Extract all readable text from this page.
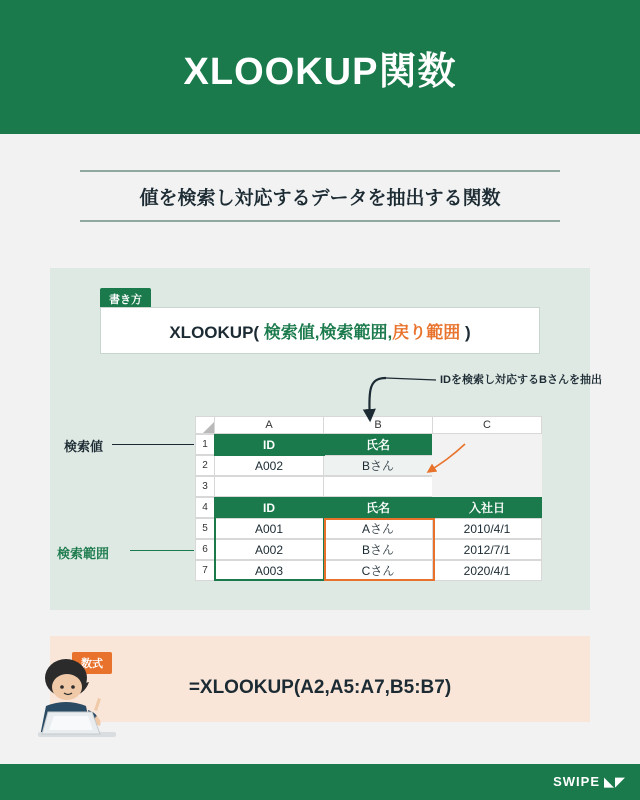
XLOOKUP関数
値を検索し対応するデータを抽出する関数
書き方
XLOOKUP( 検索値,検索範囲,戻り範囲 )
IDを検索し対応するBさんを抽出
検索値
検索範囲
A	B	C
1	ID	氏名
2	A002	Bさん
3
4	ID	氏名	入社日
5	A001	Aさん	2010/4/1
6	A002	Bさん	2012/7/1
7	A003	Cさん	2020/4/1
数式
=XLOOKUP(A2,A5:A7,B5:B7)
SWIPE ◣◤
